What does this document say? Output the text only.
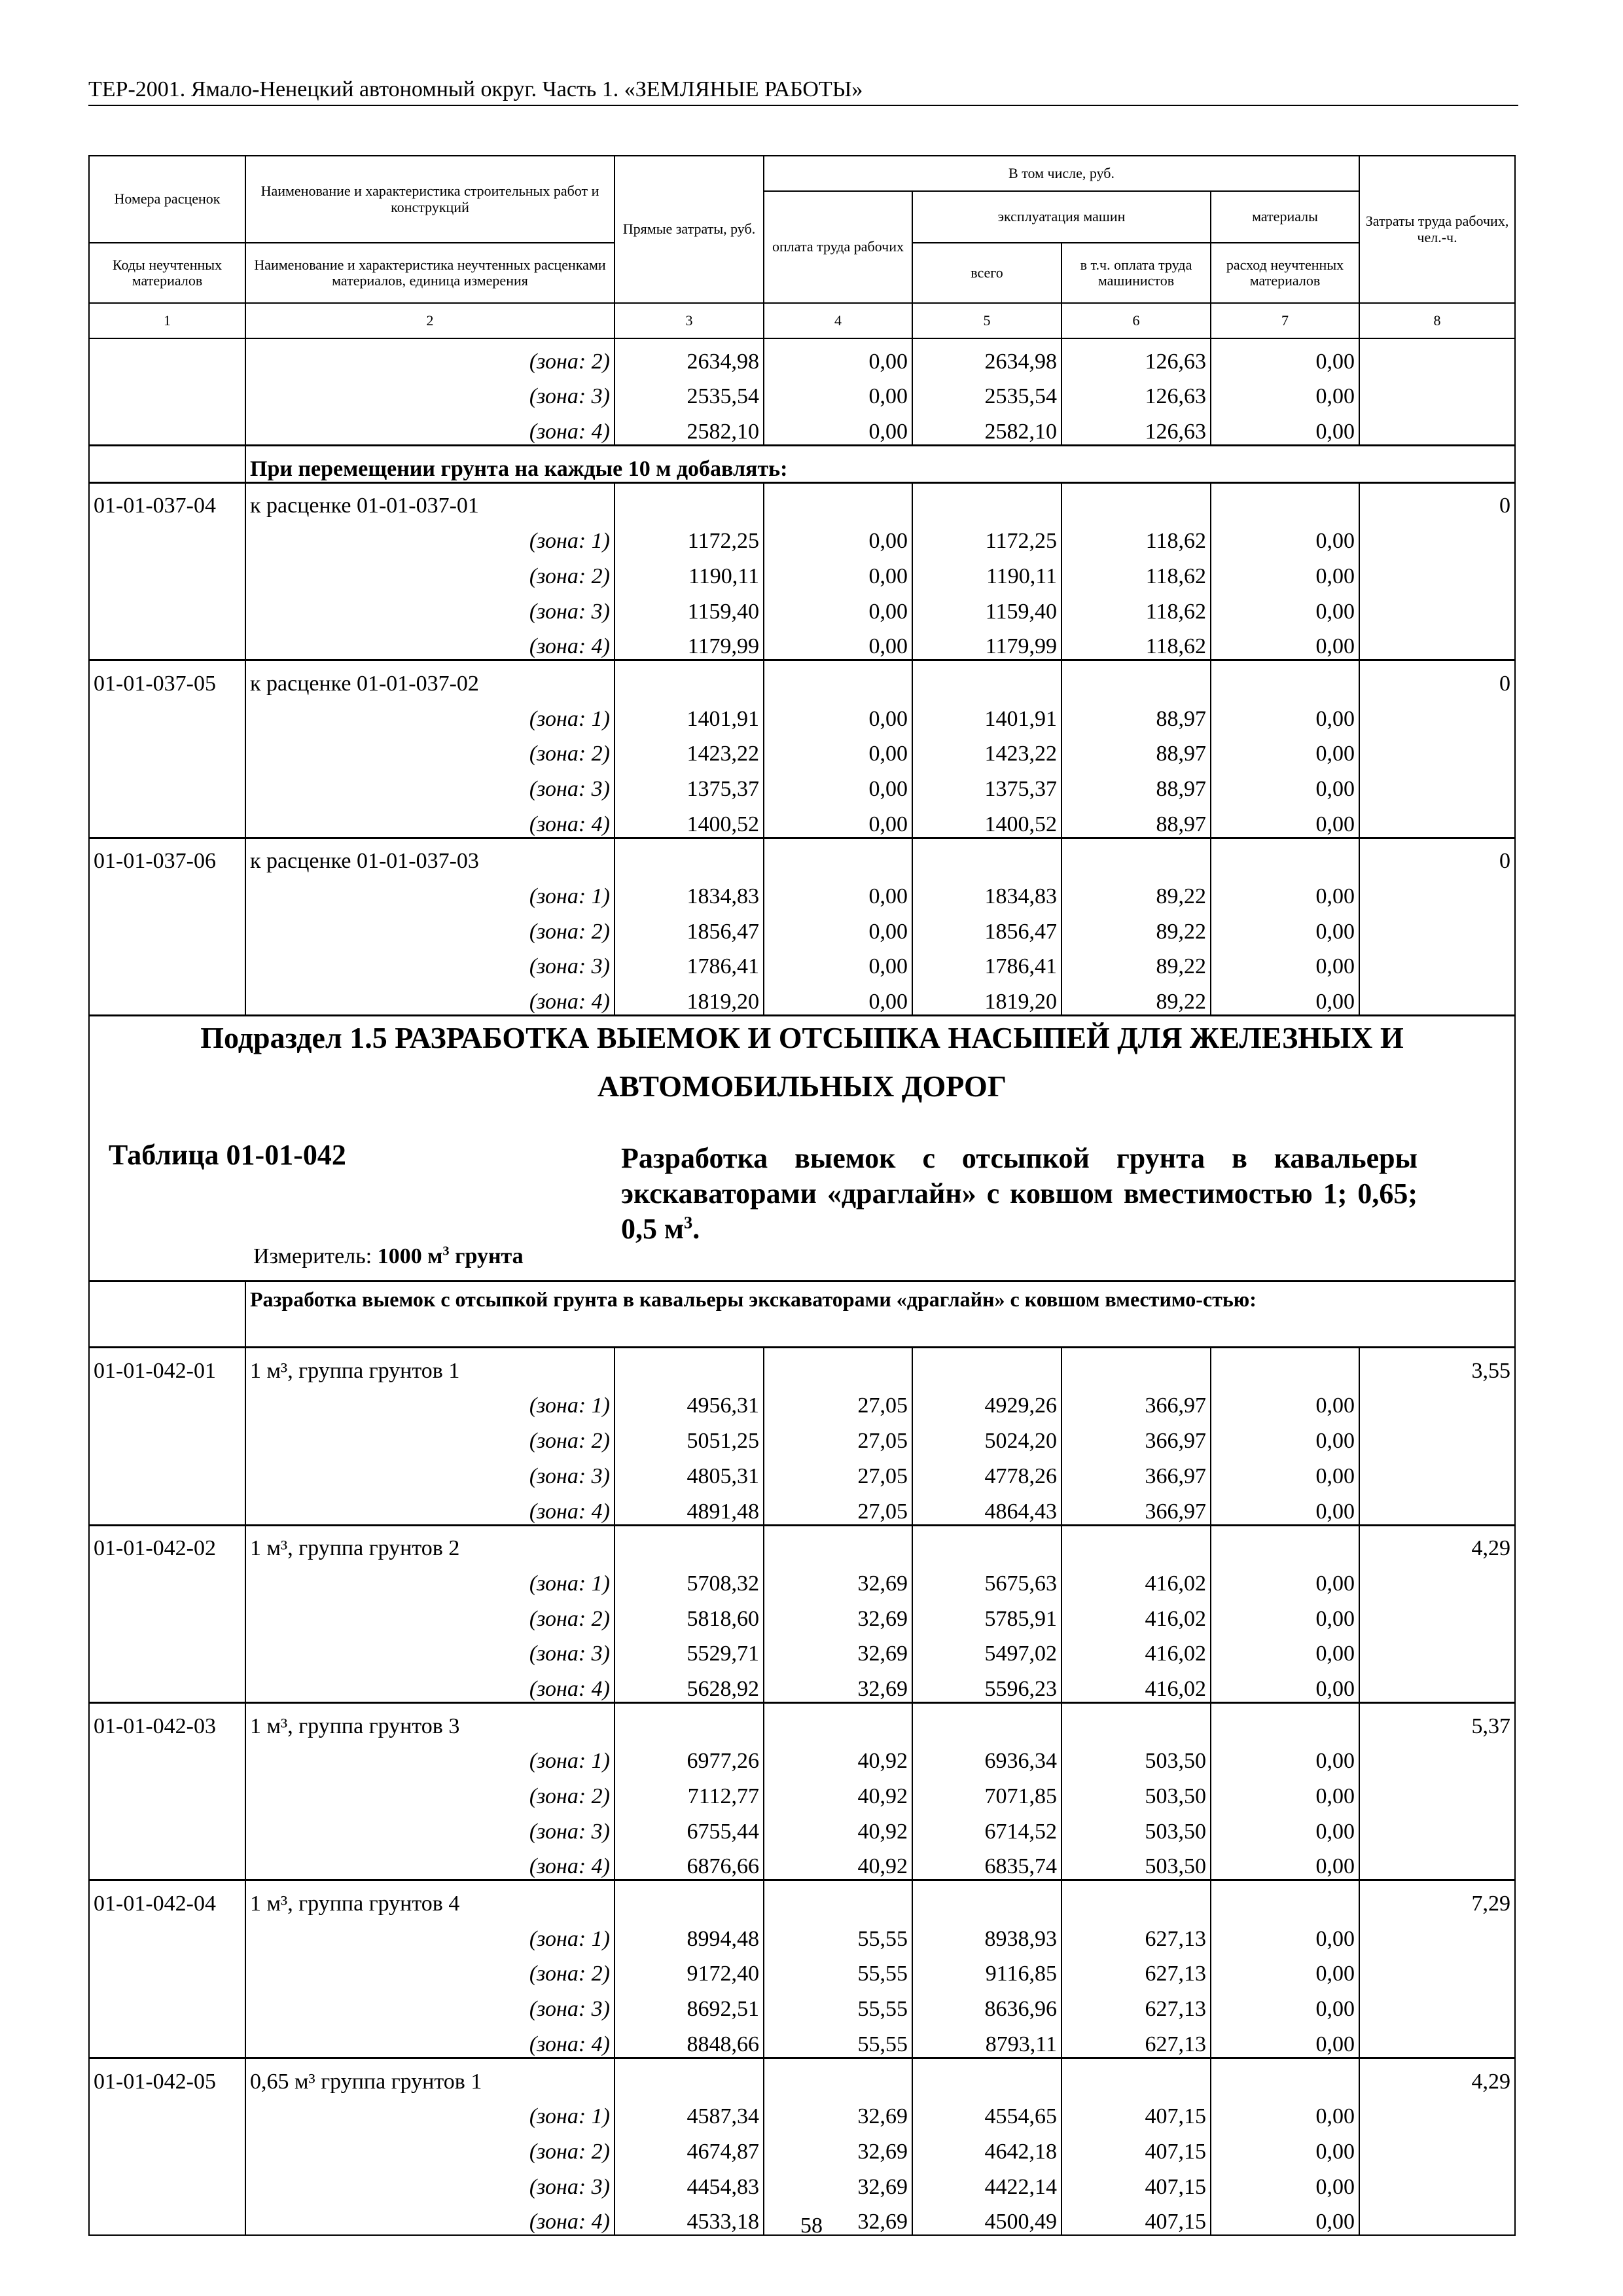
ТЕР-2001. Ямало-Ненецкий автономный округ. Часть 1. «ЗЕМЛЯНЫЕ РАБОТЫ»
Номера расценок	Наименование и характеристика строительных работ и конструкций	Прямые затраты, руб.	В том числе, руб.				Затраты труда рабочих, чел.-ч.
			оплата труда рабочих	эксплуатация машин		материалы	
Коды неучтенных материалов	Наименование и характеристика неучтенных расценками материалов, единица измерения			всего	в т.ч. оплата труда машинистов	расход неучтенных материалов	
1	2	3	4	5	6	7	8
	(зона: 2)	2634,98	0,00	2634,98	126,63	0,00	
	(зона: 3)	2535,54	0,00	2535,54	126,63	0,00	
	(зона: 4)	2582,10	0,00	2582,10	126,63	0,00	
	При перемещении грунта на каждые 10 м добавлять:						
01-01-037-04	к расценке 01-01-037-01						0
	(зона: 1)	1172,25	0,00	1172,25	118,62	0,00	
	(зона: 2)	1190,11	0,00	1190,11	118,62	0,00	
	(зона: 3)	1159,40	0,00	1159,40	118,62	0,00	
	(зона: 4)	1179,99	0,00	1179,99	118,62	0,00	
01-01-037-05	к расценке 01-01-037-02						0
	(зона: 1)	1401,91	0,00	1401,91	88,97	0,00	
	(зона: 2)	1423,22	0,00	1423,22	88,97	0,00	
	(зона: 3)	1375,37	0,00	1375,37	88,97	0,00	
	(зона: 4)	1400,52	0,00	1400,52	88,97	0,00	
01-01-037-06	к расценке 01-01-037-03						0
	(зона: 1)	1834,83	0,00	1834,83	89,22	0,00	
	(зона: 2)	1856,47	0,00	1856,47	89,22	0,00	
	(зона: 3)	1786,41	0,00	1786,41	89,22	0,00	
	(зона: 4)	1819,20	0,00	1819,20	89,22	0,00	

Подраздел 1.5 РАЗРАБОТКА ВЫЕМОК И ОТСЫПКА НАСЫПЕЙ ДЛЯ ЖЕЛЕЗНЫХ И
АВТОМОБИЛЬНЫХ ДОРОГ
Таблица 01-01-042 Разработка выемок с отсыпкой грунта в кавальеры экскаваторами «драглайн» с ковшом вместимостью 1; 0,65; 0,5 $м^3$.
Измеритель: 1000 $м^3$ грунта							

	Разработка выемок с отсыпкой грунта в кавальеры экскаваторами «драглайн» с ковшом вместимо-стью:						
01-01-042-01	1 м³, группа грунтов 1						3,55
	(зона: 1)	4956,31	27,05	4929,26	366,97	0,00	
	(зона: 2)	5051,25	27,05	5024,20	366,97	0,00	
	(зона: 3)	4805,31	27,05	4778,26	366,97	0,00	
	(зона: 4)	4891,48	27,05	4864,43	366,97	0,00	
01-01-042-02	1 м³, группа грунтов 2						4,29
	(зона: 1)	5708,32	32,69	5675,63	416,02	0,00	
	(зона: 2)	5818,60	32,69	5785,91	416,02	0,00	
	(зона: 3)	5529,71	32,69	5497,02	416,02	0,00	
	(зона: 4)	5628,92	32,69	5596,23	416,02	0,00	
01-01-042-03	1 м³, группа грунтов 3						5,37
	(зона: 1)	6977,26	40,92	6936,34	503,50	0,00	
	(зона: 2)	7112,77	40,92	7071,85	503,50	0,00	
	(зона: 3)	6755,44	40,92	6714,52	503,50	0,00	
	(зона: 4)	6876,66	40,92	6835,74	503,50	0,00	
01-01-042-04	1 м³, группа грунтов 4						7,29
	(зона: 1)	8994,48	55,55	8938,93	627,13	0,00	
	(зона: 2)	9172,40	55,55	9116,85	627,13	0,00	
	(зона: 3)	8692,51	55,55	8636,96	627,13	0,00	
	(зона: 4)	8848,66	55,55	8793,11	627,13	0,00	
01-01-042-05	0,65 м³ группа грунтов 1						4,29
	(зона: 1)	4587,34	32,69	4554,65	407,15	0,00	
	(зона: 2)	4674,87	32,69	4642,18	407,15	0,00	
	(зона: 3)	4454,83	32,69	4422,14	407,15	0,00	
	(зона: 4)	4533,18	32,69	4500,49	407,15	0,00	
58
